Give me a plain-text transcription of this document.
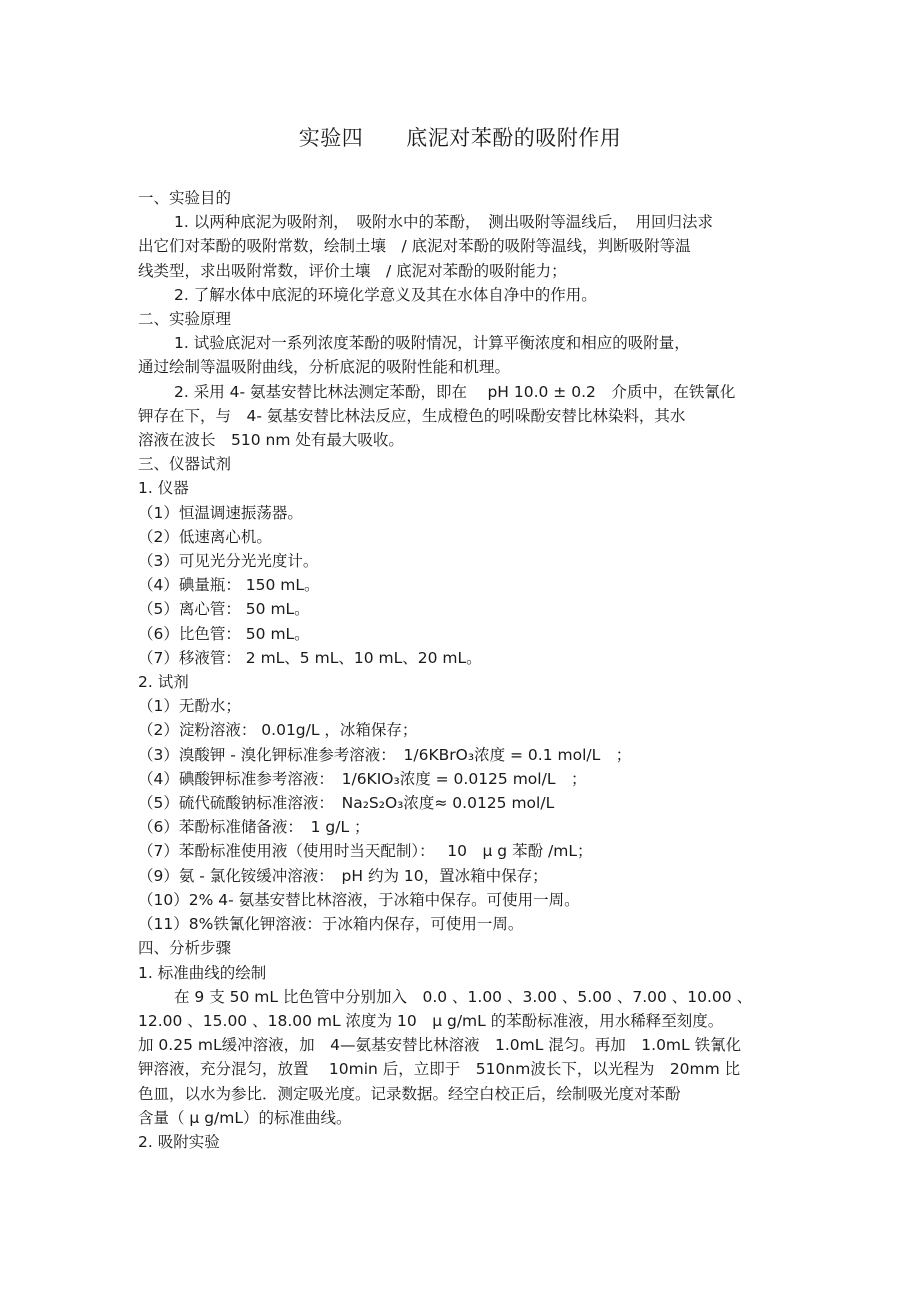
实验四　　底泥对苯酚的吸附作用
一、实验目的
1. 以两种底泥为吸附剂，　吸附水中的苯酚，　测出吸附等温线后，　用回归法求
出它们对苯酚的吸附常数，绘制土壤　/ 底泥对苯酚的吸附等温线，判断吸附等温
线类型，求出吸附常数，评价土壤　/ 底泥对苯酚的吸附能力；
2. 了解水体中底泥的环境化学意义及其在水体自净中的作用。
二、实验原理
1. 试验底泥对一系列浓度苯酚的吸附情况，计算平衡浓度和相应的吸附量，
通过绘制等温吸附曲线，分析底泥的吸附性能和机理。
2. 采用 4- 氨基安替比林法测定苯酚，即在　 pH 10.0 ± 0.2　介质中，在铁氰化
钾存在下，与　4- 氨基安替比林法反应，生成橙色的吲哚酚安替比林染料，其水
溶液在波长　510 nm 处有最大吸收。
三、仪器试剂
1. 仪器
（1）恒温调速振荡器。
（2）低速离心机。
（3）可见光分光光度计。
（4）碘量瓶： 150 mL。
（5）离心管： 50 mL。
（6）比色管： 50 mL。
（7）移液管： 2 mL、5 mL、10 mL、20 mL。
2. 试剂
（1）无酚水；
（2）淀粉溶液： 0.01g/L ，冰箱保存；
（3）溴酸钾 - 溴化钾标准参考溶液：　1/6KBrO₃浓度 = 0.1 mol/L　；
（4）碘酸钾标准参考溶液：　1/6KIO₃浓度 = 0.0125 mol/L　；
（5）硫代硫酸钠标准溶液：　Na₂S₂O₃浓度≈ 0.0125 mol/L
（6）苯酚标准储备液：　1 g/L ；
（7）苯酚标准使用液（使用时当天配制）：　 10　μ g 苯酚 /mL；
（9）氨 - 氯化铵缓冲溶液：　pH 约为 10，置冰箱中保存；
（10）2% 4- 氨基安替比林溶液，于冰箱中保存。可使用一周。
（11）8%铁氰化钾溶液：于冰箱内保存，可使用一周。
四、分析步骤
1. 标准曲线的绘制
在 9 支 50 mL 比色管中分别加入　0.0 、1.00 、3.00 、5.00 、7.00 、10.00 、
12.00 、15.00 、18.00 mL 浓度为 10　μ g/mL 的苯酚标准液，用水稀释至刻度。
加 0.25 mL缓冲溶液，加　4—氨基安替比林溶液　1.0mL 混匀。再加　1.0mL 铁氰化
钾溶液，充分混匀，放置　 10min 后，立即于　510nm波长下，以光程为　20mm 比
色皿，以水为参比．测定吸光度。记录数据。经空白校正后，绘制吸光度对苯酚
含量（ μ g/mL）的标准曲线。
2. 吸附实验
